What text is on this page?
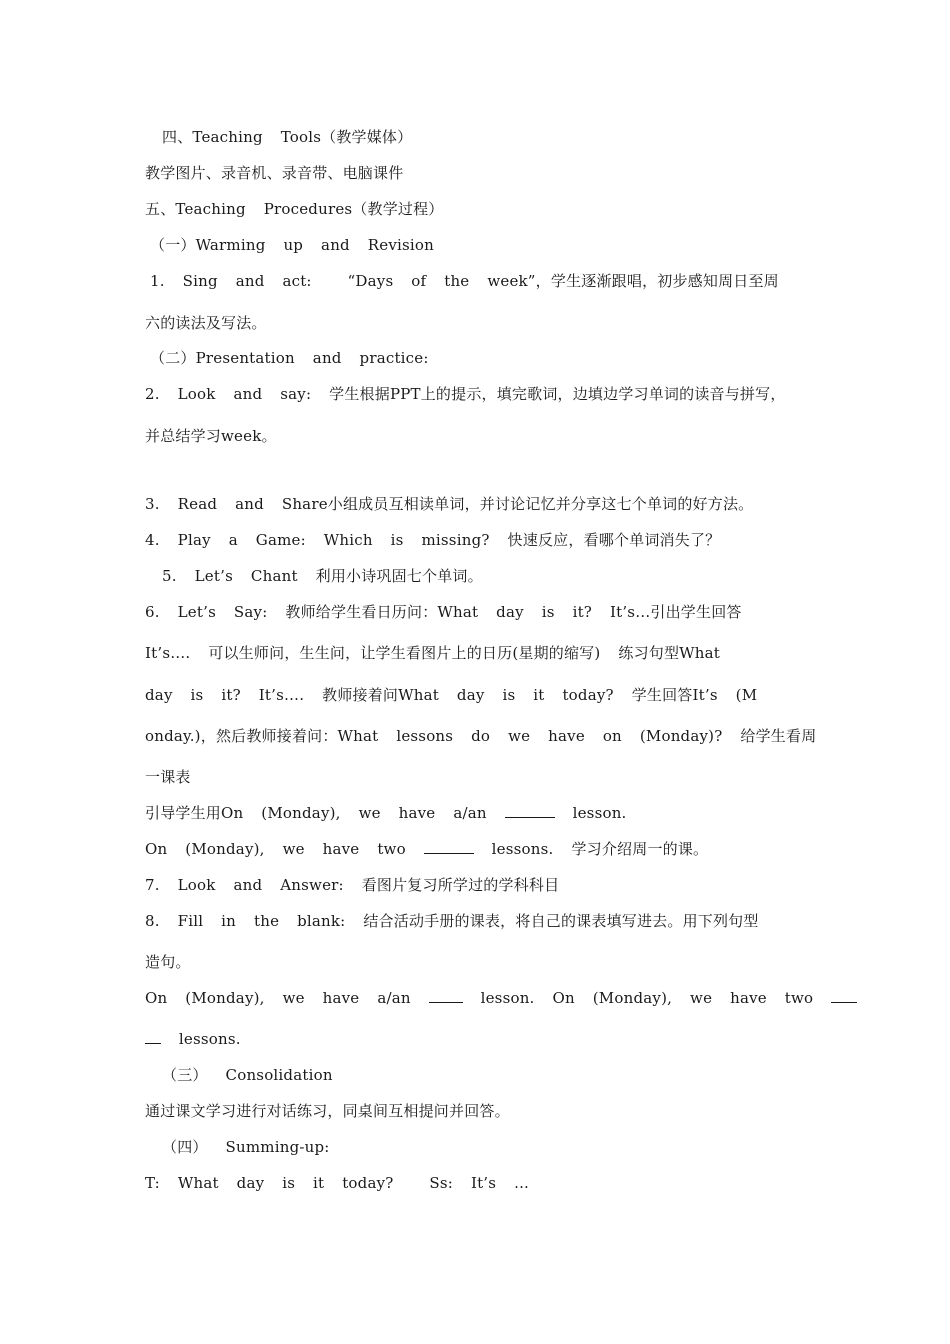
四、Teaching  Tools（教学媒体）
教学图片、录音机、录音带、电脑课件
五、Teaching  Procedures（教学过程）
（一）Warming  up  and  Revision
1.  Sing  and  act:    “Days  of  the  week”，学生逐渐跟唱，初步感知周日至周
六的读法及写法。
（二）Presentation  and  practice:
2.  Look  and  say:  学生根据PPT上的提示，填完歌词，边填边学习单词的读音与拼写，
并总结学习week。
3.  Read  and  Share小组成员互相读单词，并讨论记忆并分享这七个单词的好方法。
4.  Play  a  Game:  Which  is  missing?  快速反应，看哪个单词消失了？
5.  Let’s  Chant  利用小诗巩固七个单词。
6.  Let’s  Say:  教师给学生看日历问：What  day  is  it?  It’s…引出学生回答
It’s….  可以生师问，生生问，让学生看图片上的日历(星期的缩写)  练习句型What
day  is  it?  It’s….  教师接着问What  day  is  it  today?  学生回答It’s  (M
onday.)，然后教师接着问：What  lessons  do  we  have  on  (Monday)?  给学生看周
一课表
引导学生用On  (Monday),  we  have  a/an	lesson.
On  (Monday),  we  have  two	lessons.  学习介绍周一的课。
7.  Look  and  Answer:  看图片复习所学过的学科科目
8.  Fill  in  the  blank:  结合活动手册的课表，将自己的课表填写进去。用下列句型
造句。
On  (Monday),  we  have  a/an    lesson.  On  (Monday),  we  have  two
lessons.
（三）  Consolidation
通过课文学习进行对话练习，同桌间互相提问并回答。
（四）  Summing-up:
T:  What  day  is  it  today?    Ss:  It’s  ...
